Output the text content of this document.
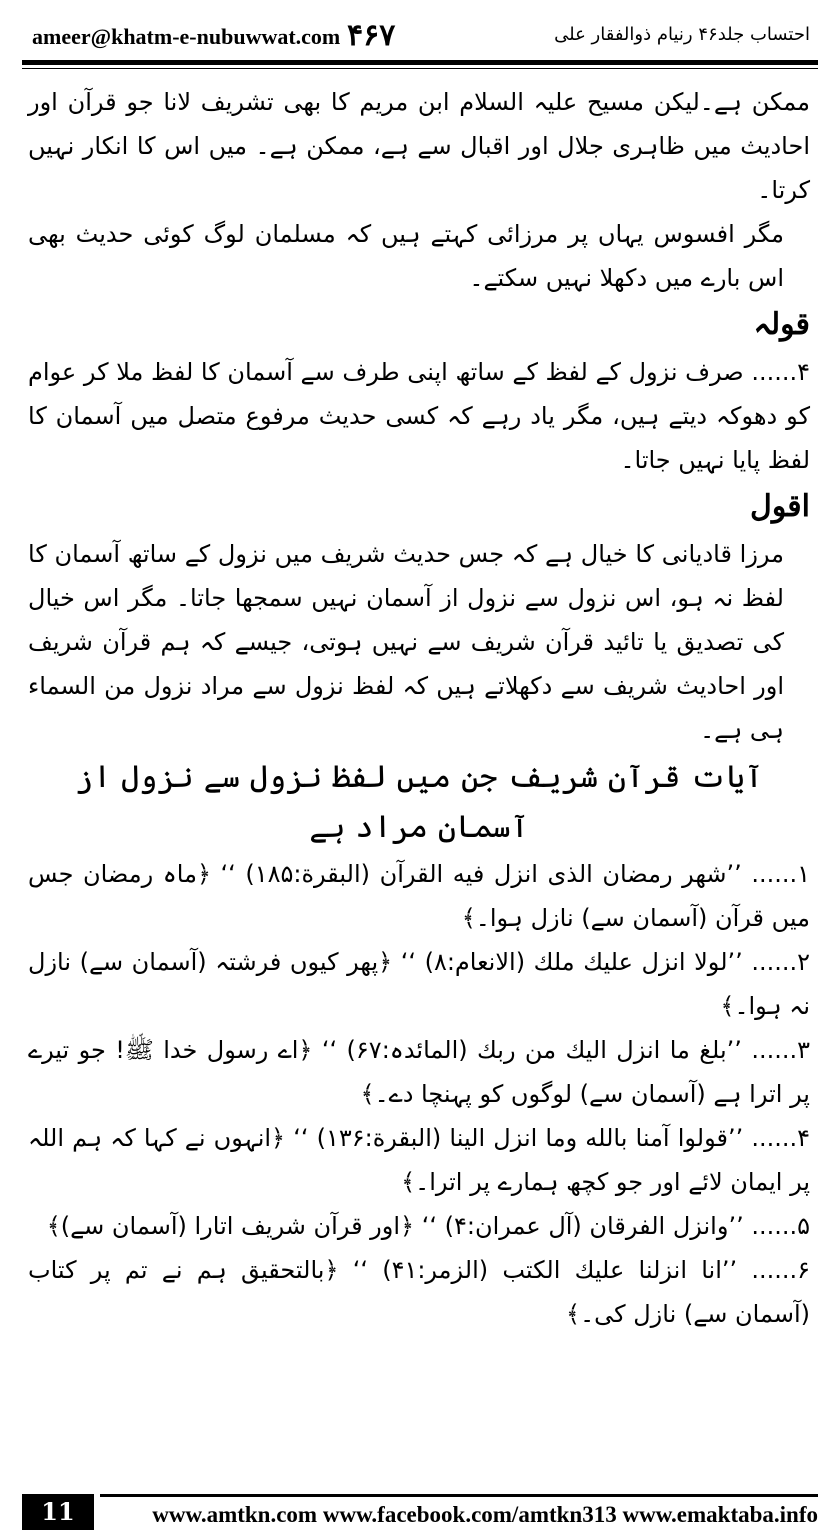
ameer@khatm-e-nubuwwat.com ۴۶۷	احتساب جلد۴۶ رنیام ذوالفقار علی

ممکن ہے۔لیکن مسیح علیہ السلام ابن مریم کا بھی تشریف لانا جو قرآن اور احادیث میں ظاہری جلال اور اقبال سے ہے، ممکن ہے۔ میں اس کا انکار نہیں کرتا۔

مگر افسوس یہاں پر مرزائی کہتے ہیں کہ مسلمان لوگ کوئی حدیث بھی اس بارے میں دکھلا نہیں سکتے۔

قولہ

۴...... صرف نزول کے لفظ کے ساتھ اپنی طرف سے آسمان کا لفظ ملا کر عوام کو دھوکہ دیتے ہیں، مگر یاد رہے کہ کسی حدیث مرفوع متصل میں آسمان کا لفظ پایا نہیں جاتا۔

اقول

مرزا قادیانی کا خیال ہے کہ جس حدیث شریف میں نزول کے ساتھ آسمان کا لفظ نہ ہو، اس نزول سے نزول از آسمان نہیں سمجھا جاتا۔ مگر اس خیال کی تصدیق یا تائید قرآن شریف سے نہیں ہوتی، جیسے کہ ہم قرآن شریف اور احادیث شریف سے دکھلاتے ہیں کہ لفظ نزول سے مراد نزول من السماء ہی ہے۔

آیات قرآن شریف جن میں لفظ نزول سے نزول از آسمان مراد ہے

۱...... ’’شهر رمضان الذی انزل فيه القرآن (البقرة:۱۸۵) ‘‘ ﴿ماہ رمضان جس میں قرآن (آسمان سے) نازل ہوا۔﴾

۲...... ’’لولا انزل عليك ملك (الانعام:۸) ‘‘ ﴿پھر کیوں فرشتہ (آسمان سے) نازل نہ ہوا۔﴾

۳...... ’’بلغ ما انزل اليك من ربك (المائدہ:۶۷) ‘‘ ﴿اے رسول خدا ﷺ! جو تیرے پر اترا ہے (آسمان سے) لوگوں کو پہنچا دے۔﴾

۴...... ’’قولوا آمنا بالله وما انزل الينا (البقرة:۱۳۶) ‘‘ ﴿انہوں نے کہا کہ ہم اللہ پر ایمان لائے اور جو کچھ ہمارے پر اترا۔﴾

۵...... ’’وانزل الفرقان (آل عمران:۴) ‘‘ ﴿اور قرآن شریف اتارا (آسمان سے)﴾

۶...... ’’انا انزلنا عليك الكتب (الزمر:۴۱) ‘‘ ﴿بالتحقیق ہم نے تم پر کتاب (آسمان سے) نازل کی۔﴾

11	www.amtkn.com www.facebook.com/amtkn313 www.emaktaba.info
